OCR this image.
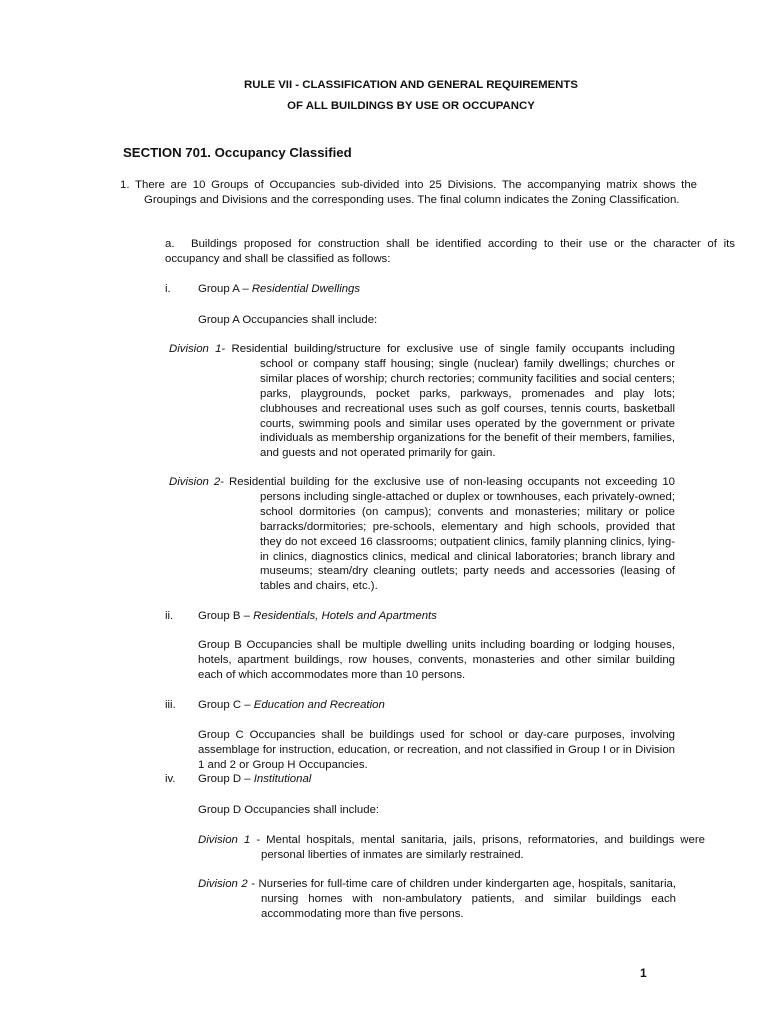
RULE VII - CLASSIFICATION AND GENERAL REQUIREMENTS
OF ALL BUILDINGS BY USE OR OCCUPANCY
SECTION 701. Occupancy Classified
1. There are 10 Groups of Occupancies sub-divided into 25 Divisions. The accompanying matrix shows the Groupings and Divisions and the corresponding uses. The final column indicates the Zoning Classification.
a. Buildings proposed for construction shall be identified according to their use or the character of its occupancy and shall be classified as follows:
i. Group A – Residential Dwellings
Group A Occupancies shall include:
Division 1- Residential building/structure for exclusive use of single family occupants including school or company staff housing; single (nuclear) family dwellings; churches or similar places of worship; church rectories; community facilities and social centers; parks, playgrounds, pocket parks, parkways, promenades and play lots; clubhouses and recreational uses such as golf courses, tennis courts, basketball courts, swimming pools and similar uses operated by the government or private individuals as membership organizations for the benefit of their members, families, and guests and not operated primarily for gain.
Division 2- Residential building for the exclusive use of non-leasing occupants not exceeding 10 persons including single-attached or duplex or townhouses, each privately-owned; school dormitories (on campus); convents and monasteries; military or police barracks/dormitories; pre-schools, elementary and high schools, provided that they do not exceed 16 classrooms; outpatient clinics, family planning clinics, lying-in clinics, diagnostics clinics, medical and clinical laboratories; branch library and museums; steam/dry cleaning outlets; party needs and accessories (leasing of tables and chairs, etc.).
ii. Group B – Residentials, Hotels and Apartments
Group B Occupancies shall be multiple dwelling units including boarding or lodging houses, hotels, apartment buildings, row houses, convents, monasteries and other similar building each of which accommodates more than 10 persons.
iii. Group C – Education and Recreation
Group C Occupancies shall be buildings used for school or day-care purposes, involving assemblage for instruction, education, or recreation, and not classified in Group I or in Division 1 and 2 or Group H Occupancies.
iv. Group D – Institutional
Group D Occupancies shall include:
Division 1 - Mental hospitals, mental sanitaria, jails, prisons, reformatories, and buildings were personal liberties of inmates are similarly restrained.
Division 2 - Nurseries for full-time care of children under kindergarten age, hospitals, sanitaria, nursing homes with non-ambulatory patients, and similar buildings each accommodating more than five persons.
1
